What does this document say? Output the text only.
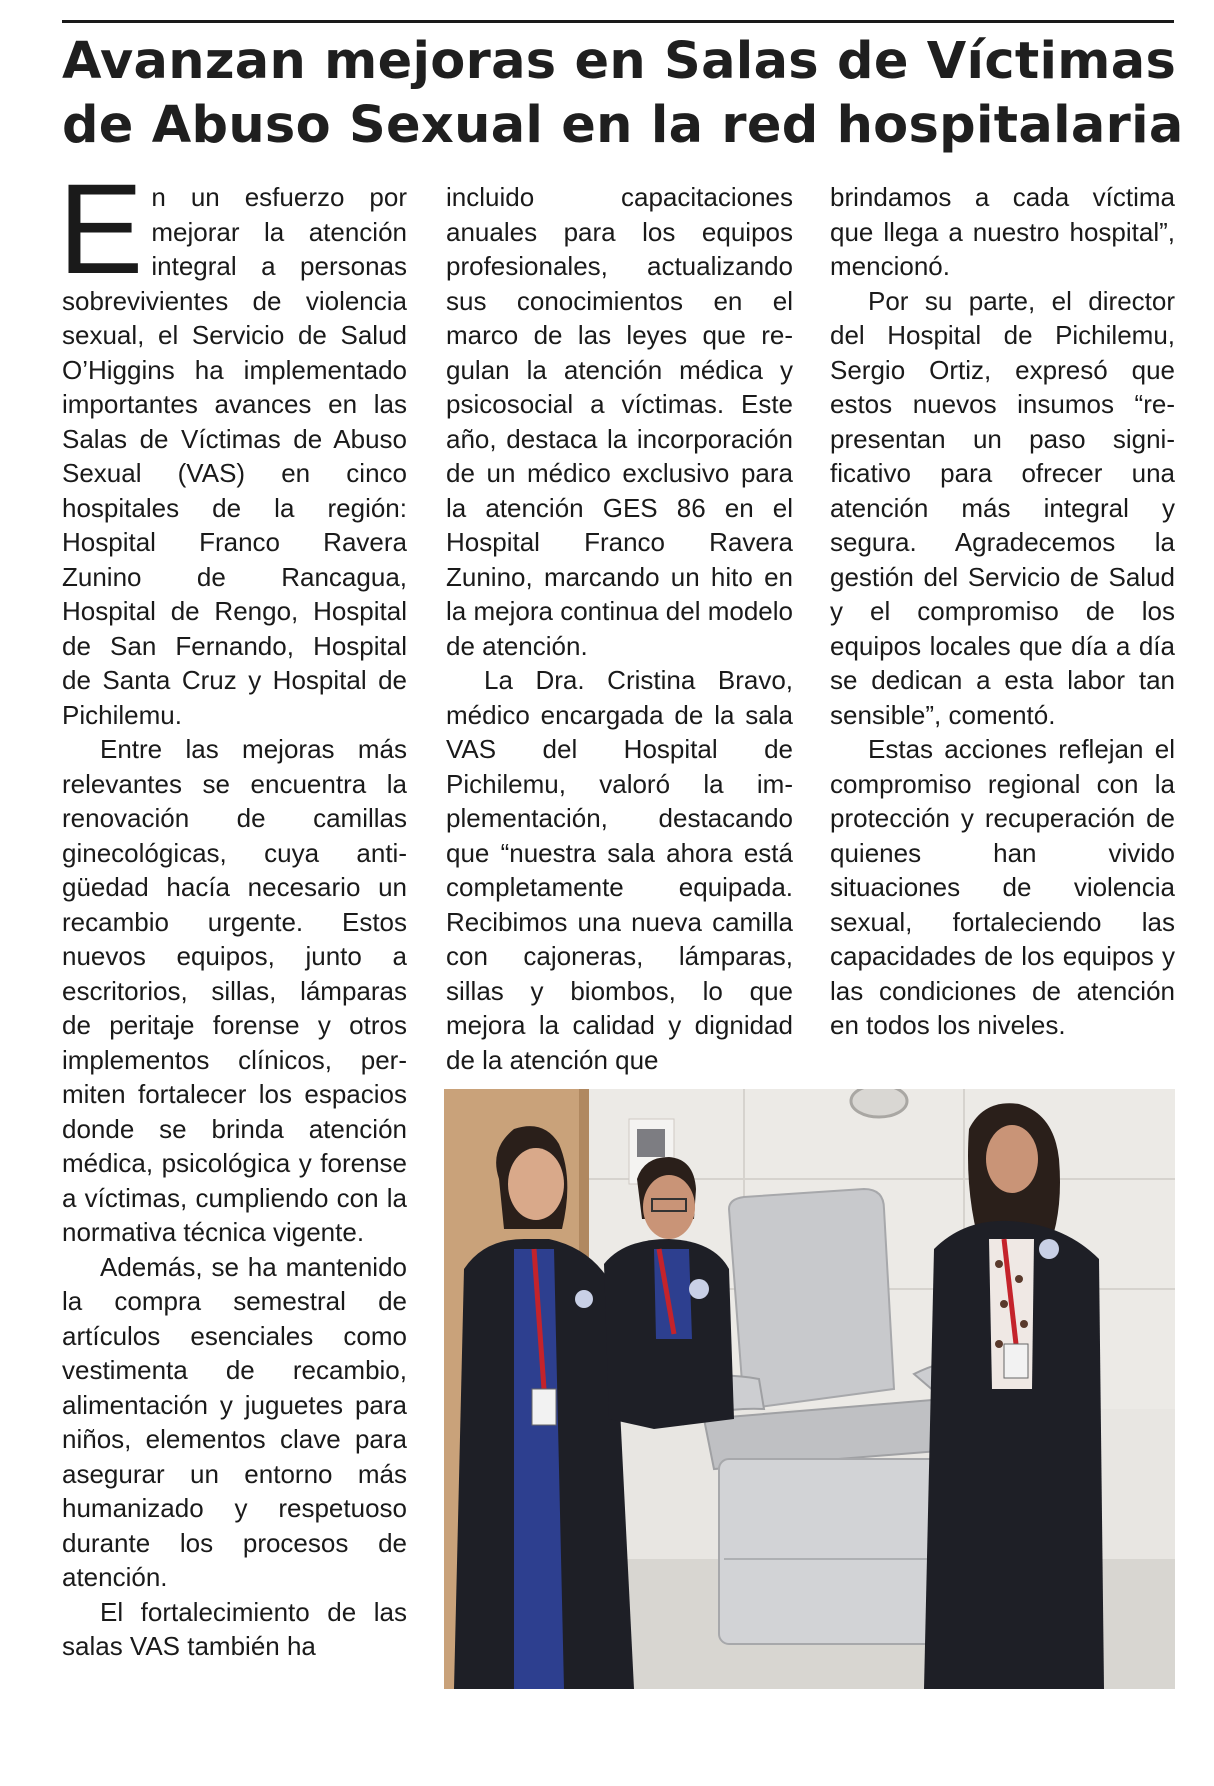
Avanzan mejoras en Salas de Víctimas
de Abuso Sexual en la red hospitalaria

En un esfuerzo por mejorar la atención integral a personas sobrevivientes de violencia sexual, el Servicio de Salud O’Higgins ha implementado importantes avances en las Salas de Víctimas de Abuso Sexual (VAS) en cinco hospitales de la región: Hospital Franco Ravera Zunino de Rancagua, Hospital de Rengo, Hospital de San Fernando, Hospital de Santa Cruz y Hospital de Pichilemu.

Entre las mejoras más relevantes se encuentra la renovación de camillas ginecológicas, cuya antigüedad hacía necesario un recambio urgente. Estos nuevos equipos, junto a escritorios, sillas, lámparas de peritaje forense y otros implementos clínicos, permiten fortalecer los espacios donde se brinda atención médica, psicológica y forense a víctimas, cumpliendo con la normativa técnica vigente.

Además, se ha mantenido la compra semestral de artículos esenciales como vestimenta de recambio, alimentación y juguetes para niños, elementos clave para asegurar un entorno más humanizado y respetuoso durante los procesos de atención.

El fortalecimiento de las salas VAS también ha

incluido capacitaciones anuales para los equipos profesionales, actualizando sus conocimientos en el marco de las leyes que regulan la atención médica y psicosocial a víctimas. Este año, destaca la incorporación de un médico exclusivo para la atención GES 86 en el Hospital Franco Ravera Zunino, marcando un hito en la mejora continua del modelo de atención.

La Dra. Cristina Bravo, médico encargada de la sala VAS del Hospital de Pichilemu, valoró la implementación, destacando que “nuestra sala ahora está completamente equipada. Recibimos una nueva camilla con cajoneras, lámparas, sillas y biombos, lo que mejora la calidad y dignidad de la atención que

brindamos a cada víctima que llega a nuestro hospital”, mencionó.

Por su parte, el director del Hospital de Pichilemu, Sergio Ortiz, expresó que estos nuevos insumos “representan un paso significativo para ofrecer una atención más integral y segura. Agradecemos la gestión del Servicio de Salud y el compromiso de los equipos locales que día a día se dedican a esta labor tan sensible”, comentó.

Estas acciones reflejan el compromiso regional con la protección y recuperación de quienes han vivido situaciones de violencia sexual, fortaleciendo las capacidades de los equipos y las condiciones de atención en todos los niveles.
